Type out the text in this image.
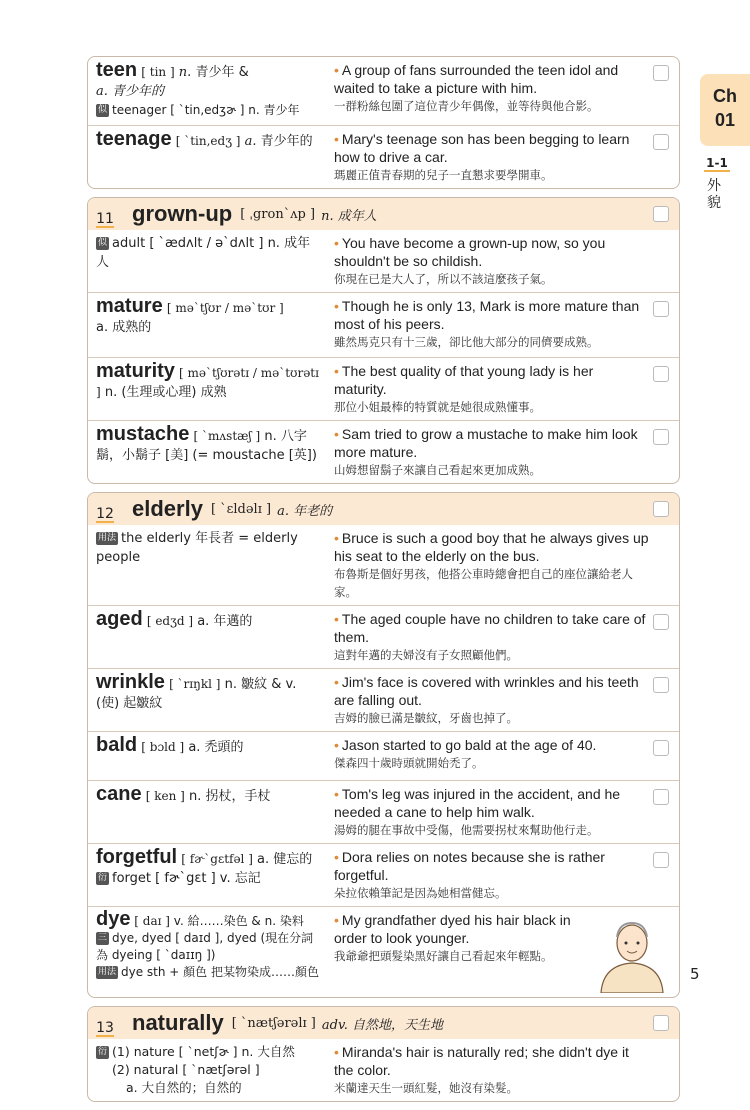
teen [ tin ] n. 青少年 &
a. 青少年的
似 teenager [ ˋtin,edʒɚ ] n. 青少年
• A group of fans surrounded the teen idol and waited to take a picture with him.
一群粉絲包圍了這位青少年偶像，並等待與他合影。
teenage [ ˋtin,edʒ ] a. 青少年的	• Mary's teenage son has been begging to learn how to drive a car.
瑪麗正值青春期的兒子一直懇求要學開車。
11 grown-up [ ˌgronˋʌp ] n. 成年人
似 adult [ ˋædʌlt / əˋdʌlt ] n. 成年人
• You have become a grown-up now, so you shouldn't be so childish.
你現在已是大人了，所以不該這麼孩子氣。
mature [ məˋtʃʊr / məˋtʊr ]
a. 成熟的
• Though he is only 13, Mark is more mature than most of his peers.
雖然馬克只有十三歲，卻比他大部分的同儕要成熟。
maturity [ məˋtʃʊrətɪ / məˋtʊrətɪ ] n. (生理或心理) 成熟
• The best quality of that young lady is her maturity.
那位小姐最棒的特質就是她很成熟懂事。
mustache [ ˋmʌstæʃ ] n. 八字鬍，小鬍子 [美] (= moustache [英])
• Sam tried to grow a mustache to make him look more mature.
山姆想留鬍子來讓自己看起來更加成熟。
12 elderly [ ˋɛldəlɪ ] a. 年老的
用法 the elderly 年長者 = elderly people
• Bruce is such a good boy that he always gives up his seat to the elderly on the bus.
布魯斯是個好男孩，他搭公車時總會把自己的座位讓給老人家。
aged [ edʒd ] a. 年邁的	• The aged couple have no children to take care of them.
這對年邁的夫婦沒有子女照顧他們。
wrinkle [ ˋrɪŋkl ] n. 皺紋 & v. (使) 起皺紋
• Jim's face is covered with wrinkles and his teeth are falling out.
吉姆的臉已滿是皺紋，牙齒也掉了。
bald [ bɔld ] a. 禿頭的	• Jason started to go bald at the age of 40.
傑森四十歲時頭就開始禿了。
cane [ ken ] n. 拐杖，手杖	• Tom's leg was injured in the accident, and he needed a cane to help him walk.
湯姆的腿在事故中受傷，他需要拐杖來幫助他行走。
forgetful [ fɚˋgɛtfəl ] a. 健忘的
衍 forget [ fɚˋgɛt ] v. 忘記
• Dora relies on notes because she is rather forgetful.
朵拉依賴筆記是因為她相當健忘。
dye [ daɪ ] v. 給……染色 & n. 染料
三 dye, dyed [ daɪd ], dyed (現在分詞為 dyeing [ ˋdaɪɪŋ ])
用法 dye sth + 顏色 把某物染成……顏色
• My grandfather dyed his hair black in order to look younger.
我爺爺把頭髮染黑好讓自己看起來年輕點。
13 naturally [ ˋnætʃərəlɪ ] adv. 自然地，天生地
衍 (1) nature [ ˋnetʃɚ ] n. 大自然
(2) natural [ ˋnætʃərəl ]
a. 大自然的；自然的
• Miranda's hair is naturally red; she didn't dye it the color.
米蘭達天生一頭紅髮，她沒有染髮。
Ch
01
1-1
外貌
5
